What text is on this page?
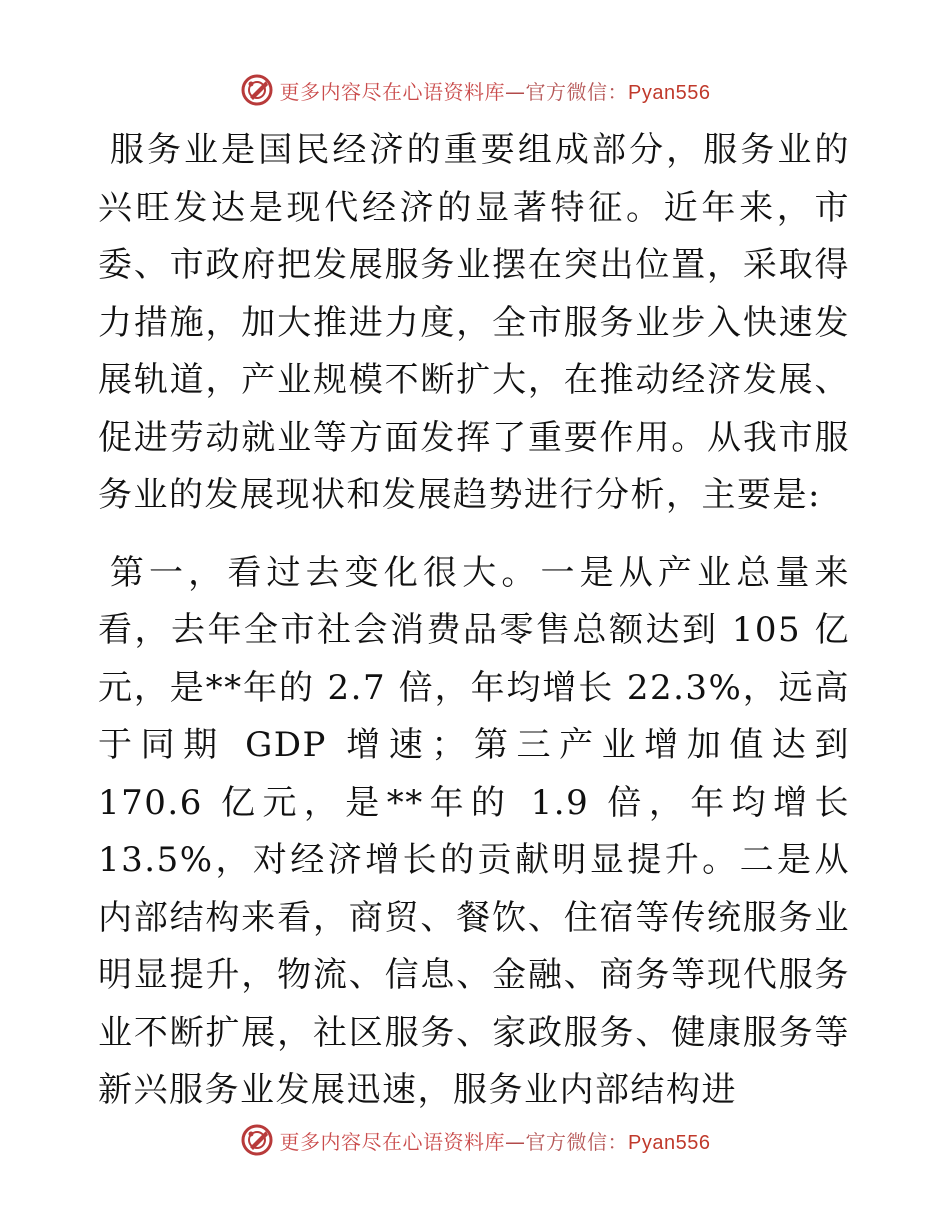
更多内容尽在心语资料库—官方微信：Pyan556

服务业是国民经济的重要组成部分，服务业的兴旺发达是现代经济的显著特征。近年来，市委、市政府把发展服务业摆在突出位置，采取得力措施，加大推进力度，全市服务业步入快速发展轨道，产业规模不断扩大，在推动经济发展、促进劳动就业等方面发挥了重要作用。从我市服务业的发展现状和发展趋势进行分析，主要是:

第一，看过去变化很大。一是从产业总量来看，去年全市社会消费品零售总额达到 105 亿元，是**年的 2.7 倍，年均增长 22.3%，远高于同期 GDP 增速；第三产业增加值达到 170.6 亿元，是**年的 1.9 倍，年均增长 13.5%，对经济增长的贡献明显提升。二是从内部结构来看，商贸、餐饮、住宿等传统服务业明显提升，物流、信息、金融、商务等现代服务业不断扩展，社区服务、家政服务、健康服务等新兴服务业发展迅速，服务业内部结构进

更多内容尽在心语资料库—官方微信：Pyan556
